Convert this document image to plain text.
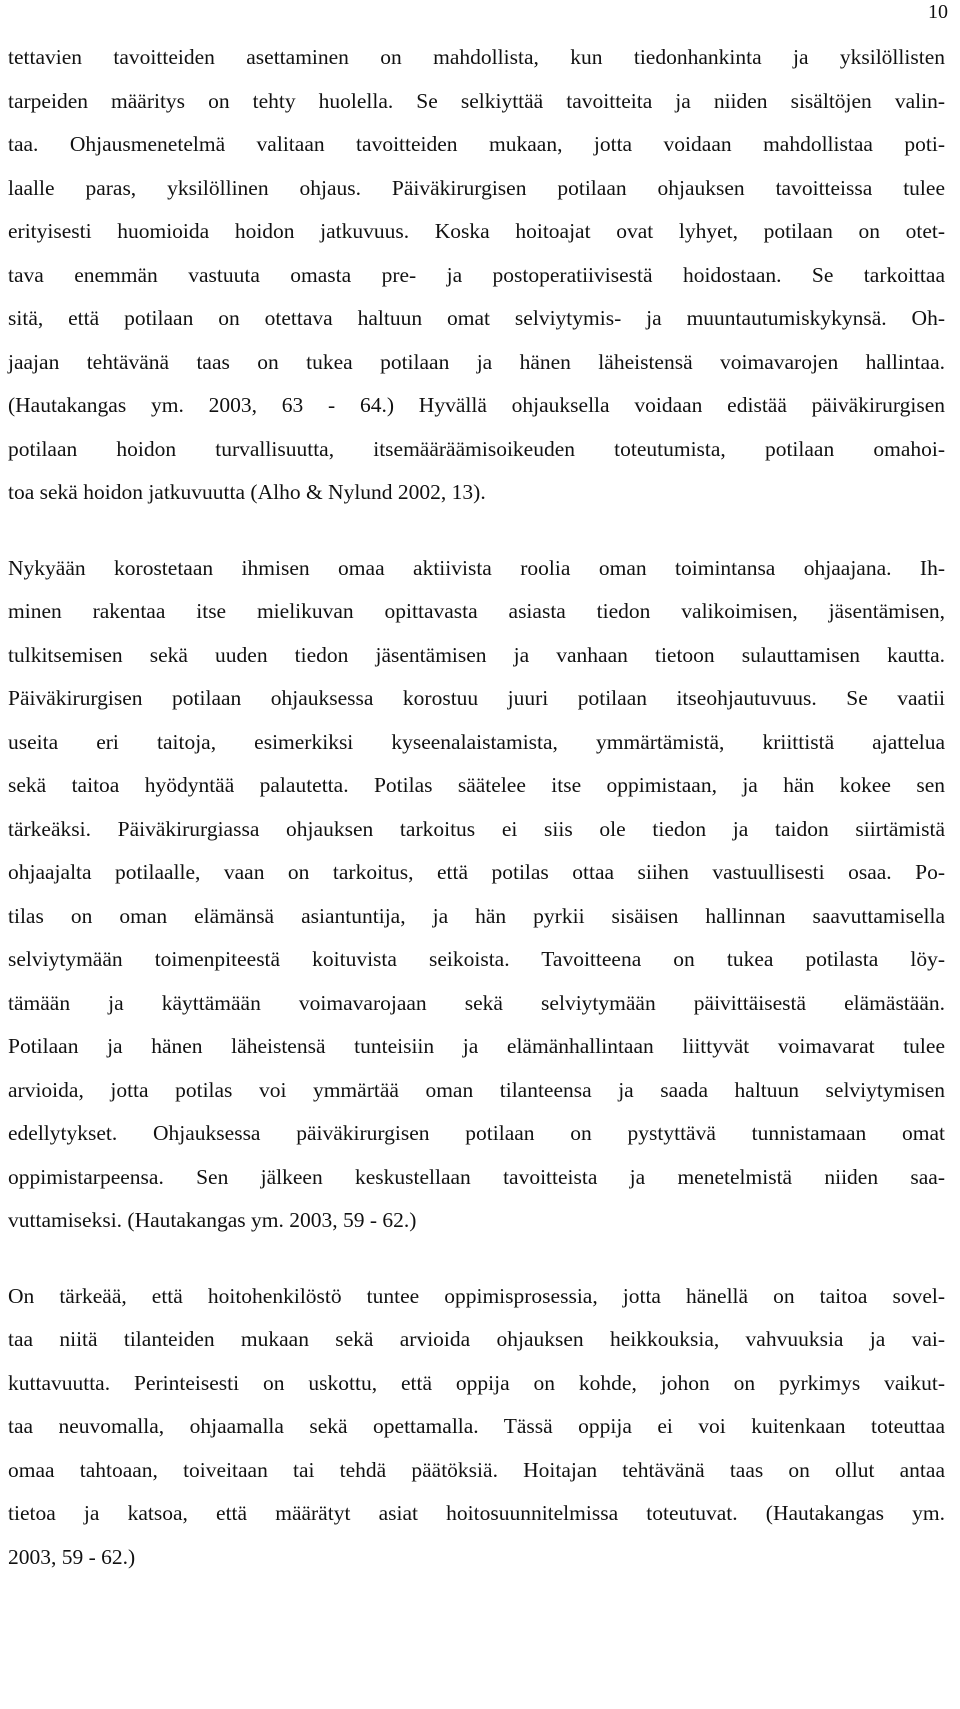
10
tettavien tavoitteiden asettaminen on mahdollista, kun tiedonhankinta ja yksilöllisten
tarpeiden määritys on tehty huolella. Se selkiyttää tavoitteita ja niiden sisältöjen valin-
taa. Ohjausmenetelmä valitaan tavoitteiden mukaan, jotta voidaan mahdollistaa poti-
laalle paras, yksilöllinen ohjaus. Päiväkirurgisen potilaan ohjauksen tavoitteissa tulee
erityisesti huomioida hoidon jatkuvuus. Koska hoitoajat ovat lyhyet, potilaan on otet-
tava enemmän vastuuta omasta pre- ja postoperatiivisestä hoidostaan. Se tarkoittaa
sitä, että potilaan on otettava haltuun omat selviytymis- ja muuntautumiskykynsä. Oh-
jaajan tehtävänä taas on tukea potilaan ja hänen läheistensä voimavarojen hallintaa.
(Hautakangas ym. 2003, 63 - 64.) Hyvällä ohjauksella voidaan edistää päiväkirurgisen
potilaan hoidon turvallisuutta, itsemääräämisoikeuden toteutumista, potilaan omahoi-
toa sekä hoidon jatkuvuutta (Alho & Nylund 2002, 13).
Nykyään korostetaan ihmisen omaa aktiivista roolia oman toimintansa ohjaajana. Ih-
minen rakentaa itse mielikuvan opittavasta asiasta tiedon valikoimisen, jäsentämisen,
tulkitsemisen sekä uuden tiedon jäsentämisen ja vanhaan tietoon sulauttamisen kautta.
Päiväkirurgisen potilaan ohjauksessa korostuu juuri potilaan itseohjautuvuus. Se vaatii
useita eri taitoja, esimerkiksi kyseenalaistamista, ymmärtämistä, kriittistä ajattelua
sekä taitoa hyödyntää palautetta. Potilas säätelee itse oppimistaan, ja hän kokee sen
tärkeäksi. Päiväkirurgiassa ohjauksen tarkoitus ei siis ole tiedon ja taidon siirtämistä
ohjaajalta potilaalle, vaan on tarkoitus, että potilas ottaa siihen vastuullisesti osaa. Po-
tilas on oman elämänsä asiantuntija, ja hän pyrkii sisäisen hallinnan saavuttamisella
selviytymään toimenpiteestä koituvista seikoista. Tavoitteena on tukea potilasta löy-
tämään ja käyttämään voimavarojaan sekä selviytymään päivittäisestä elämästään.
Potilaan ja hänen läheistensä tunteisiin ja elämänhallintaan liittyvät voimavarat tulee
arvioida, jotta potilas voi ymmärtää oman tilanteensa ja saada haltuun selviytymisen
edellytykset. Ohjauksessa päiväkirurgisen potilaan on pystyttävä tunnistamaan omat
oppimistarpeensa. Sen jälkeen keskustellaan tavoitteista ja menetelmistä niiden saa-
vuttamiseksi. (Hautakangas ym. 2003, 59 - 62.)
On tärkeää, että hoitohenkilöstö tuntee oppimisprosessia, jotta hänellä on taitoa sovel-
taa niitä tilanteiden mukaan sekä arvioida ohjauksen heikkouksia, vahvuuksia ja vai-
kuttavuutta. Perinteisesti on uskottu, että oppija on kohde, johon on pyrkimys vaikut-
taa neuvomalla, ohjaamalla sekä opettamalla. Tässä oppija ei voi kuitenkaan toteuttaa
omaa tahtoaan, toiveitaan tai tehdä päätöksiä. Hoitajan tehtävänä taas on ollut antaa
tietoa ja katsoa, että määrätyt asiat hoitosuunnitelmissa toteutuvat. (Hautakangas ym.
2003, 59 - 62.)
